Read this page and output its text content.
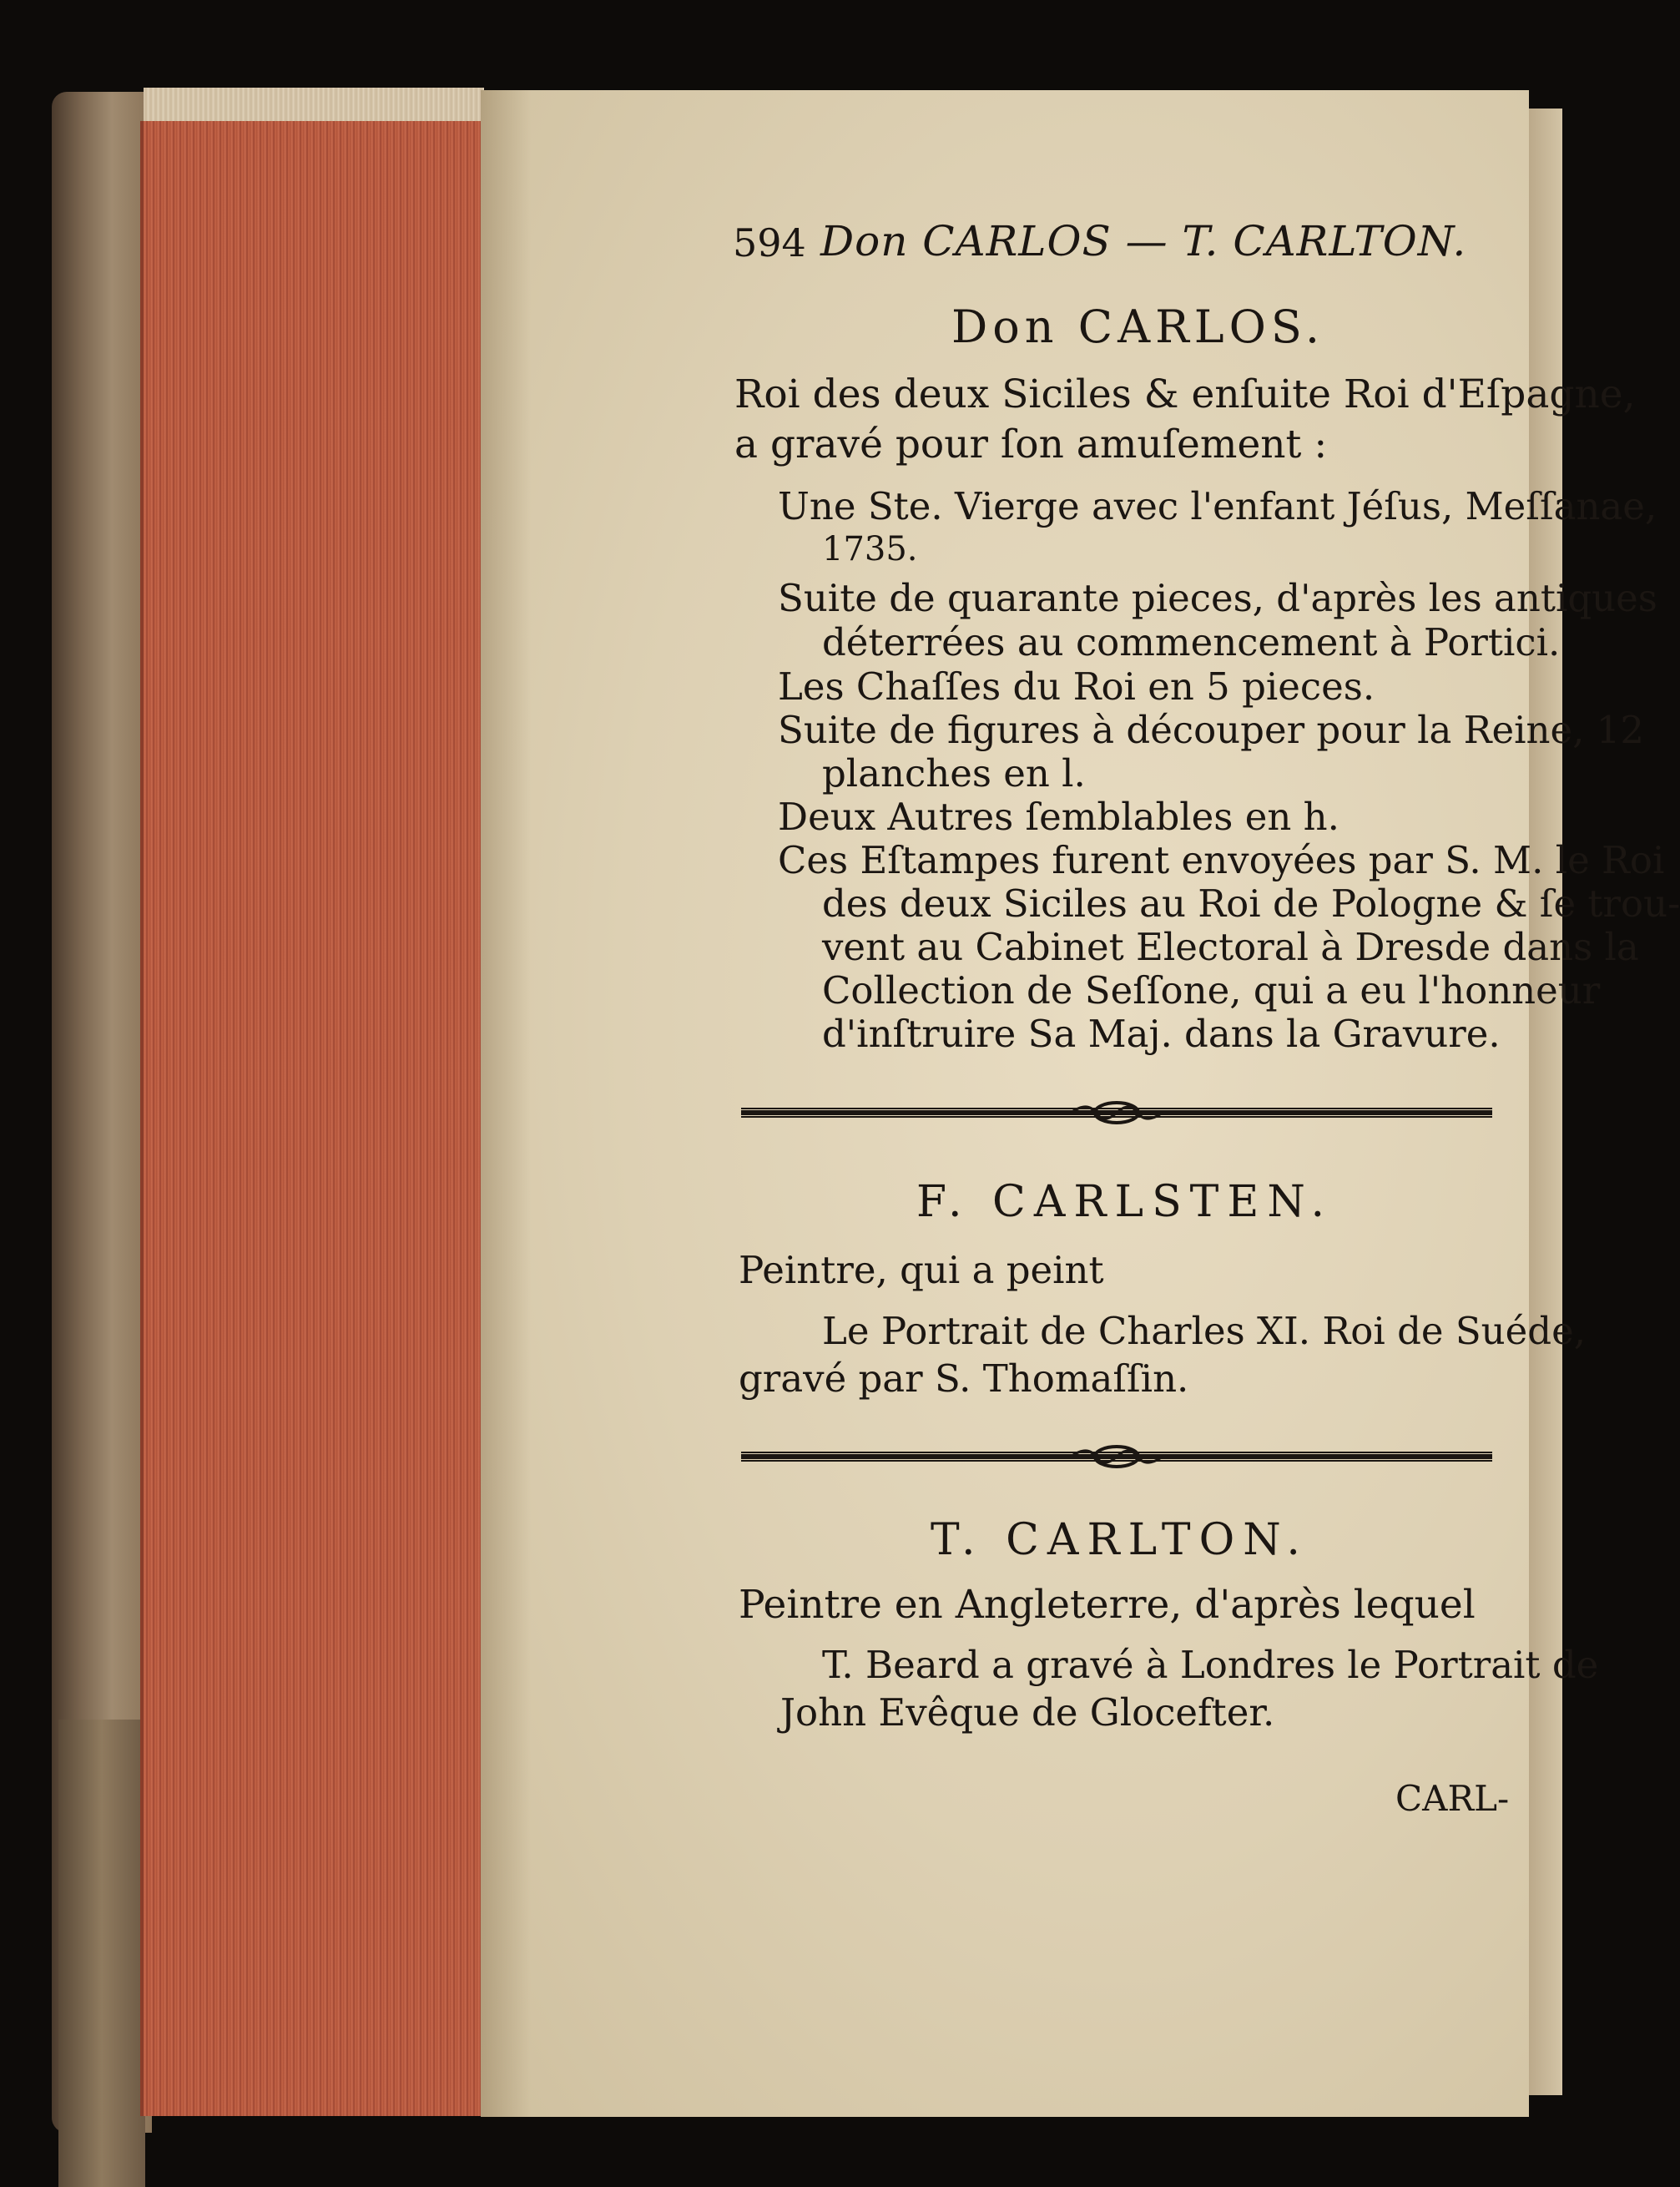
594 Don CARLOS — T. CARLTON.
Don CARLOS.
Roi des deux Siciles & enſuite Roi d'Eſpagne,
a gravé pour ſon amuſement :
Une Ste. Vierge avec l'enfant Jéſus, Meſſanae,
1735.
Suite de quarante pieces, d'après les antiques
déterrées au commencement à Portici.
Les Chaſſes du Roi en 5 pieces.
Suite de figures à découper pour la Reine, 12
planches en l.
Deux Autres ſemblables en h.
Ces Eſtampes furent envoyées par S. M. le Roi
des deux Siciles au Roi de Pologne & ſe trou-
vent au Cabinet Electoral à Dresde dans la
Collection de Seſſone, qui a eu l'honneur
d'inſtruire Sa Maj. dans la Gravure.
F. CARLSTEN.
Peintre, qui a peint
Le Portrait de Charles XI. Roi de Suéde,
gravé par S. Thomaſſin.
T. CARLTON.
Peintre en Angleterre, d'après lequel
T. Beard a gravé à Londres le Portrait de
John Evêque de Glocefter.
CARL-
